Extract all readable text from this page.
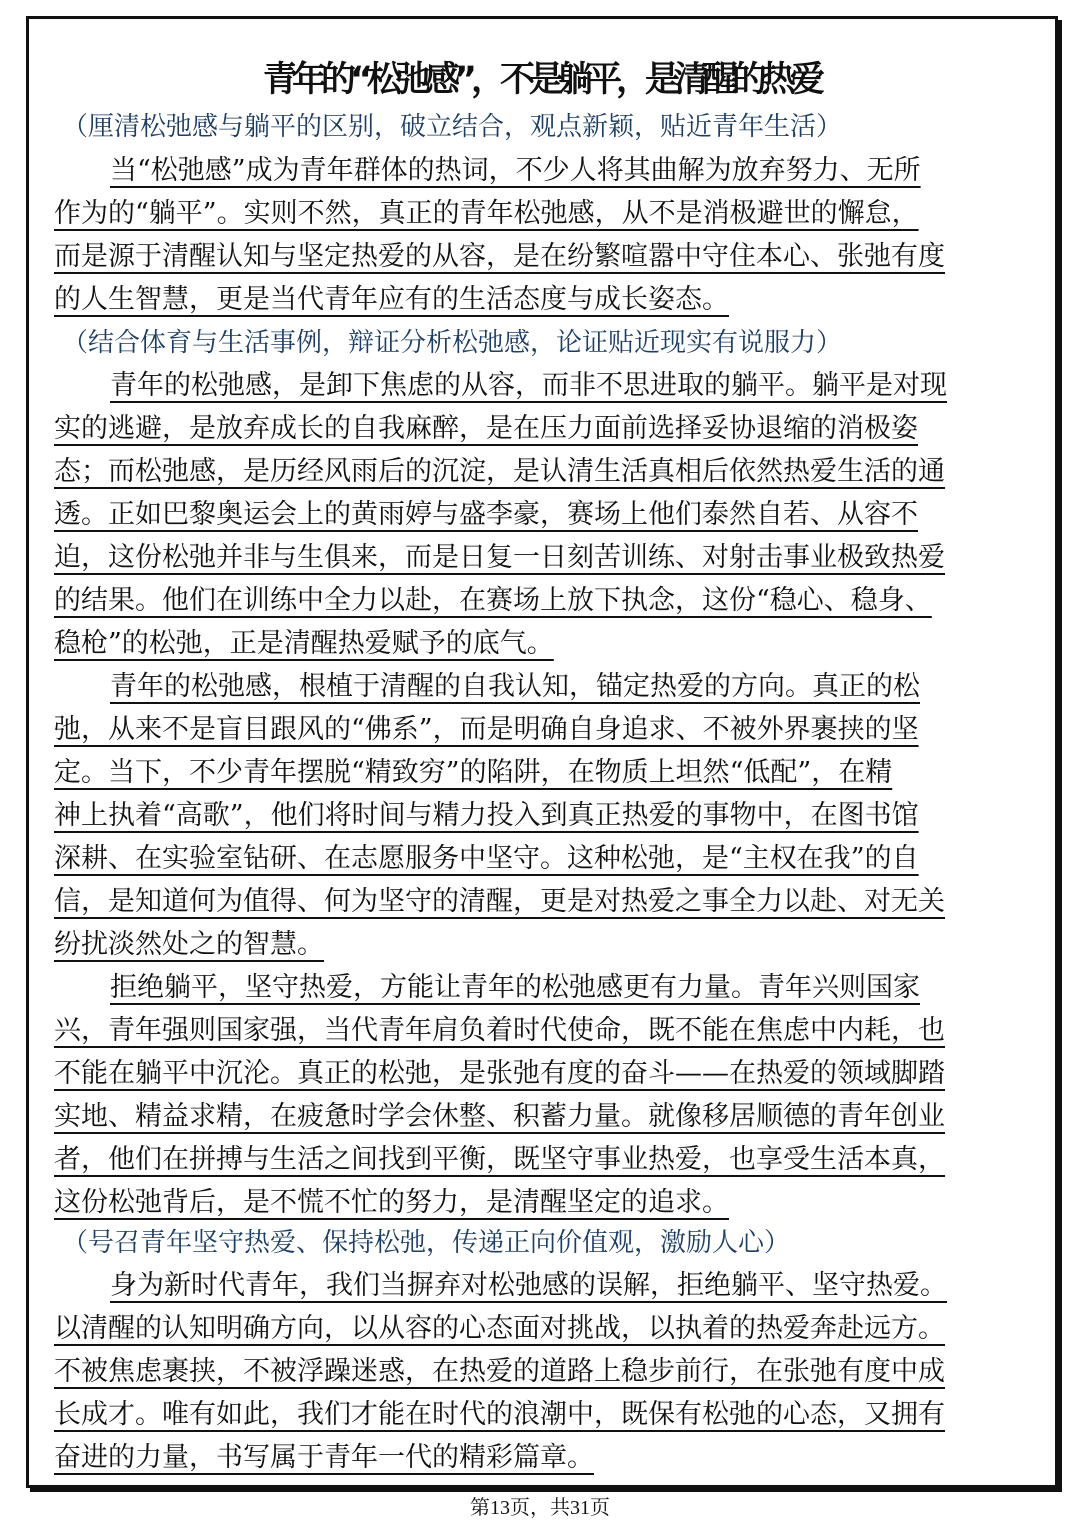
青年的“松弛感”，不是躺平，是清醒的热爱
（厘清松弛感与躺平的区别，破立结合，观点新颖，贴近青年生活）
当“松弛感”成为青年群体的热词，不少人将其曲解为放弃努力、无所
作为的“躺平”。实则不然，真正的青年松弛感，从不是消极避世的懈怠，
而是源于清醒认知与坚定热爱的从容，是在纷繁喧嚣中守住本心、张弛有度
的人生智慧，更是当代青年应有的生活态度与成长姿态。
（结合体育与生活事例，辩证分析松弛感，论证贴近现实有说服力）
青年的松弛感，是卸下焦虑的从容，而非不思进取的躺平。躺平是对现
实的逃避，是放弃成长的自我麻醉，是在压力面前选择妥协退缩的消极姿
态；而松弛感，是历经风雨后的沉淀，是认清生活真相后依然热爱生活的通
透。正如巴黎奥运会上的黄雨婷与盛李豪，赛场上他们泰然自若、从容不
迫，这份松弛并非与生俱来，而是日复一日刻苦训练、对射击事业极致热爱
的结果。他们在训练中全力以赴，在赛场上放下执念，这份“稳心、稳身、
稳枪”的松弛，正是清醒热爱赋予的底气。
青年的松弛感，根植于清醒的自我认知，锚定热爱的方向。真正的松
弛，从来不是盲目跟风的“佛系”，而是明确自身追求、不被外界裹挟的坚
定。当下，不少青年摆脱“精致穷”的陷阱，在物质上坦然“低配”，在精
神上执着“高歌”，他们将时间与精力投入到真正热爱的事物中，在图书馆
深耕、在实验室钻研、在志愿服务中坚守。这种松弛，是“主权在我”的自
信，是知道何为值得、何为坚守的清醒，更是对热爱之事全力以赴、对无关
纷扰淡然处之的智慧。
拒绝躺平，坚守热爱，方能让青年的松弛感更有力量。青年兴则国家
兴，青年强则国家强，当代青年肩负着时代使命，既不能在焦虑中内耗，也
不能在躺平中沉沦。真正的松弛，是张弛有度的奋斗——在热爱的领域脚踏
实地、精益求精，在疲惫时学会休整、积蓄力量。就像移居顺德的青年创业
者，他们在拼搏与生活之间找到平衡，既坚守事业热爱，也享受生活本真，
这份松弛背后，是不慌不忙的努力，是清醒坚定的追求。
（号召青年坚守热爱、保持松弛，传递正向价值观，激励人心）
身为新时代青年，我们当摒弃对松弛感的误解，拒绝躺平、坚守热爱。
以清醒的认知明确方向，以从容的心态面对挑战，以执着的热爱奔赴远方。
不被焦虑裹挟，不被浮躁迷惑，在热爱的道路上稳步前行，在张弛有度中成
长成才。唯有如此，我们才能在时代的浪潮中，既保有松弛的心态，又拥有
奋进的力量，书写属于青年一代的精彩篇章。
第13页，共31页
